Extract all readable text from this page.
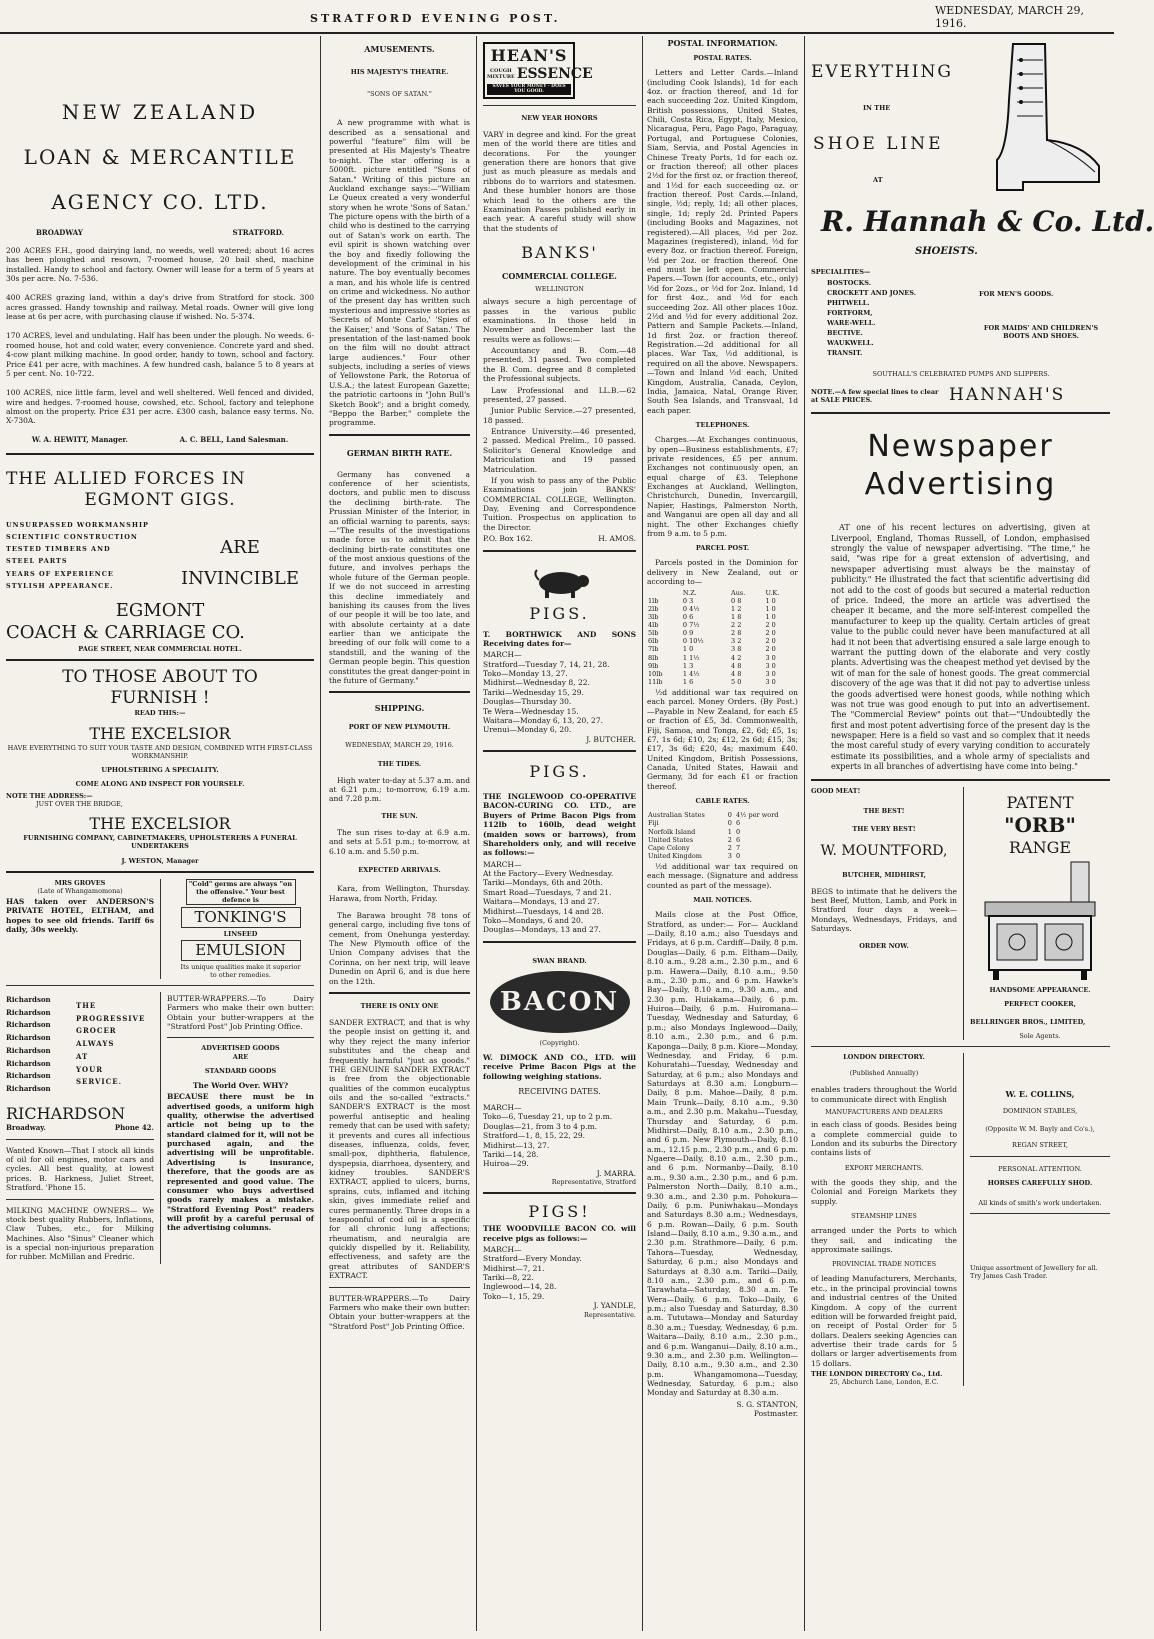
STRATFORD EVENING POST.
WEDNESDAY, MARCH 29, 1916.
NEW ZEALAND
LOAN & MERCANTILE
AGENCY CO. LTD.
BROADWAY	STRATFORD.

200 ACRES F.H., good dairying land, no weeds, well watered; about 16 acres has been ploughed and resown, 7-roomed house, 20 bail shed, machine installed. Handy to school and factory. Owner will lease for a term of 5 years at 30s per acre. No. 7-536.

400 ACRES grazing land, within a day's drive from Stratford for stock. 300 acres grassed. Handy township and railway. Metal roads. Owner will give long lease at 6s per acre, with purchasing clause if wished. No. 5-374.

170 ACRES, level and undulating. Half has been under the plough. No weeds. 6-roomed house, hot and cold water, every convenience. Concrete yard and shed. 4-cow plant milking machine. In good order, handy to town, school and factory. Price £41 per acre, with machines. A few hundred cash, balance 5 to 8 years at 5 per cent. No. 10-722.

100 ACRES, nice little farm, level and well sheltered. Well fenced and divided, wire and hedges. 7-roomed house, cowshed, etc. School, factory and telephone almost on the property. Price £31 per acre. £300 cash, balance easy terms. No. X-730A.

W. A. HEWITT, Manager.	A. C. BELL, Land Salesman.
THE ALLIED FORCES IN
EGMONT GIGS.
UNSURPASSED WORKMANSHIP
SCIENTIFIC CONSTRUCTION
TESTED TIMBERS AND
STEEL PARTS
YEARS OF EXPERIENCE
STYLISH APPEARANCE.
ARE
INVINCIBLE
EGMONT
COACH & CARRIAGE CO.
PAGE STREET, NEAR COMMERCIAL HOTEL.
TO THOSE ABOUT TO
FURNISH !
READ THIS:—
THE EXCELSIOR
HAVE EVERYTHING TO SUIT YOUR TASTE AND DESIGN, COMBINED WITH FIRST-CLASS WORKMANSHIP.
UPHOLSTERING A SPECIALITY.
COME ALONG AND INSPECT FOR YOURSELF.
NOTE THE ADDRESS:—
JUST OVER THE BRIDGE,
THE EXCELSIOR
FURNISHING COMPANY, CABINETMAKERS, UPHOLSTERERS A FUNERAL UNDERTAKERS
J. WESTON, Manager
MRS GROVES
(Late of Whangamomona)

HAS taken over ANDERSON'S PRIVATE HOTEL, ELTHAM, and hopes to see old friends. Tariff 6s daily, 30s weekly.

"Cold" germs are always "on the offensive." Your best defence is
TONKING'S
LINSEED
EMULSION
Its unique qualities make it superior to other remedies.
Richardson
Richardson
Richardson
Richardson
Richardson
Richardson
Richardson
Richardson
THE
PROGRESSIVE
GROCER
ALWAYS
AT
YOUR
SERVICE.
RICHARDSON
Broadway.	Phone 42.

Wanted Known—That I stock all kinds of oil for oil engines, motor cars and cycles. All best quality, at lowest prices. B. Harkness, Juliet Street, Stratford. 'Phone 15.

MILKING MACHINE OWNERS— We stock best quality Rubbers, Inflations, Claw Tubes, etc., for Milking Machines. Also "Sinus" Cleaner which is a special non-injurious preparation for rubber. McMillan and Fredric.

BUTTER-WRAPPERS.—To Dairy Farmers who make their own butter: Obtain your butter-wrappers at the "Stratford Post" Job Printing Office.

ADVERTISED GOODS
ARE
STANDARD GOODS
The World Over. WHY?

BECAUSE there must be in advertised goods, a uniform high quality, otherwise the advertised article not being up to the standard claimed for it, will not be purchased again, and the advertising will be unprofitable. Advertising is insurance, therefore, that the goods are as represented and good value. The consumer who buys advertised goods rarely makes a mistake. "Stratford Evening Post" readers will profit by a careful perusal of the advertising columns.

AMUSEMENTS.
HIS MAJESTY'S THEATRE.
"SONS OF SATAN."

A new programme with what is described as a sensational and powerful "feature" film will be presented at His Majesty's Theatre to-night. The star offering is a 5000ft. picture entitled "Sons of Satan." Writing of this picture an Auckland exchange says:—"William Le Queux created a very wonderful story when he wrote 'Sons of Satan.' The picture opens with the birth of a child who is destined to the carrying out of Satan's work on earth. The evil spirit is shown watching over the boy and fixedly following the development of the criminal in his nature. The boy eventually becomes a man, and his whole life is centred on crime and wickedness. No author of the present day has written such mysterious and impressive stories as 'Secrets of Monte Carlo,' 'Spies of the Kaiser,' and 'Sons of Satan.' The presentation of the last-named book on the film will no doubt attract large audiences." Four other subjects, including a series of views of Yellowstone Park, the Rotorua of U.S.A.; the latest European Gazette; the patriotic cartoons in "John Bull's Sketch Book"; and a bright comedy, "Beppo the Barber," complete the programme.

GERMAN BIRTH RATE.

Germany has convened a conference of her scientists, doctors, and public men to discuss the declining birth-rate. The Prussian Minister of the Interior, in an official warning to parents, says:—"The results of the investigations made force us to admit that the declining birth-rate constitutes one of the most anxious questions of the future, and involves perhaps the whole future of the German people. If we do not succeed in arresting this decline immediately and banishing its causes from the lives of our people it will be too late, and with absolute certainty at a date earlier than we anticipate the breeding of our folk will come to a standstill, and the waning of the German people begin. This question constitutes the great danger-point in the future of Germany."

SHIPPING.
PORT OF NEW PLYMOUTH.
WEDNESDAY, MARCH 29, 1916.
THE TIDES.

High water to-day at 5.37 a.m. and at 6.21 p.m.; to-morrow, 6.19 a.m. and 7.28 p.m.

THE SUN.

The sun rises to-day at 6.9 a.m. and sets at 5.51 p.m.; to-morrow, at 6.10 a.m. and 5.50 p.m.

EXPECTED ARRIVALS.

Kara, from Wellington, Thursday. Harawa, from North, Friday.

The Barawa brought 78 tons of general cargo, including five tons of cement, from Onehunga yesterday. The New Plymouth office of the Union Company advises that the Corinna, on her next trip, will leave Dunedin on April 6, and is due here on the 12th.

THERE IS ONLY ONE

SANDER EXTRACT, and that is why the people insist on getting it, and why they reject the many inferior substitutes and the cheap and frequently harmful "just as goods." THE GENUINE SANDER EXTRACT is free from the objectionable qualities of the common eucalyptus oils and the so-called "extracts." SANDER'S EXTRACT is the most powerful antiseptic and healing remedy that can be used with safety; it prevents and cures all infectious diseases, influenza, colds, fever, small-pox, diphtheria, flatulence, dyspepsia, diarrhoea, dysentery, and kidney troubles. SANDER'S EXTRACT, applied to ulcers, burns, sprains, cuts, inflamed and itching skin, gives immediate relief and cures permanently. Three drops in a teaspoonful of cod oil is a specific for all chronic lung affections; rheumatism, and neuralgia are quickly dispelled by it. Reliability, effectiveness, and safety are the great attributes of SANDER'S EXTRACT.

BUTTER-WRAPPERS.—To Dairy Farmers who make their own butter: Obtain your butter-wrappers at the "Stratford Post" Job Printing Office.

HEAN'S
COUGH
MIXTURE ESSENCE
SAVES YOUR MONEY · DOES YOU GOOD.
NEW YEAR HONORS

VARY in degree and kind. For the great men of the world there are titles and decorations. For the younger generation there are honors that give just as much pleasure as medals and ribbons do to warriors and statesmen. And these humbler honors are those which lead to the others are the Examination Passes published early in each year. A careful study will show that the students of

BANKS'
COMMERCIAL COLLEGE.
WELLINGTON

always secure a high percentage of passes in the various public examinations. In those held in November and December last the results were as follows:—

Accountancy and B. Com.—48 presented, 31 passed. Two completed the B. Com. degree and 8 completed the Professional subjects.

Law Professional and LL.B.—62 presented, 27 passed.

Junior Public Service.—27 presented, 18 passed.

Entrance University.—46 presented, 2 passed. Medical Prelim., 10 passed. Solicitor's General Knowledge and Matriculation and 19 passed Matriculation.

If you wish to pass any of the Public Examinations join BANKS' COMMERCIAL COLLEGE, Wellington. Day, Evening and Correspondence Tuition. Prospectus on application to the Director.

P.O. Box 162.	H. AMOS.
PIGS.

T. BORTHWICK AND SONS Receiving dates for—

MARCH—
Stratford—Tuesday 7, 14, 21, 28.
Toko—Monday 13, 27.
Midhirst—Wednesday 8, 22.
Tariki—Wednesday 15, 29.
Douglas—Thursday 30.
Te Wera—Wednesday 15.
Waitara—Monday 6, 13, 20, 27.
Urenui—Monday 6, 20.
J. BUTCHER.
PIGS.

THE INGLEWOOD CO-OPERATIVE BACON-CURING CO. LTD., are Buyers of Prime Bacon Pigs from 112lb to 160lb, dead weight (maiden sows or barrows), from Shareholders only, and will receive as follows:—

MARCH—
At the Factory—Every Wednesday.
Tariki—Mondays, 6th and 20th.
Smart Road—Tuesdays, 7 and 21.
Waitara—Mondays, 13 and 27.
Midhirst—Tuesdays, 14 and 28.
Toko—Mondays, 6 and 20.
Douglas—Mondays, 13 and 27.
SWAN BRAND.
BACON
(Copyright).

W. DIMOCK AND CO., LTD. will receive Prime Bacon Pigs at the following weighing stations.

RECEIVING DATES.
MARCH—
Toko—6, Tuesday 21, up to 2 p.m.
Douglas—21, from 3 to 4 p.m.
Stratford—1, 8, 15, 22, 29.
Midhirst—13, 27.
Tariki—14, 28.
Huiroa—29.
J. MARRA.
Representative, Stratford
PIGS!

THE WOODVILLE BACON CO. will receive pigs as follows:—

MARCH—
Stratford—Every Monday.
Midhirst—7, 21.
Tariki—8, 22.
Inglewood—14, 28.
Toko—1, 15, 29.
J. YANDLE,
Representative.
POSTAL INFORMATION.
POSTAL RATES.

Letters and Letter Cards.—Inland (including Cook Islands), 1d for each 4oz. or fraction thereof, and 1d for each succeeding 2oz. United Kingdom, British possessions, United States, Chili, Costa Rica, Egypt, Italy, Mexico, Nicaragua, Peru, Pago Pago, Paraguay, Portugal, and Portuguese Colonies, Siam, Servia, and Postal Agencies in Chinese Treaty Ports, 1d for each oz. or fraction thereof; all other places 2½d for the first oz. or fraction thereof, and 1½d for each succeeding oz. or fraction thereof. Post Cards.—Inland, single, ½d; reply, 1d; all other places, single, 1d; reply 2d. Printed Papers (including Books and Magazines, not registered).—All places, ½d per 2oz. Magazines (registered), inland, ½d for every 8oz. or fraction thereof. Foreign, ½d per 2oz. or fraction thereof. One end must be left open. Commercial Papers.—Town (for accounts, etc., only) ½d for 2ozs., or ½d for 2oz. Inland, 1d for first 4oz., and ½d for each succeeding 2oz. All other places 10oz. 2½d and ½d for every additional 2oz. Pattern and Sample Packets.—Inland, 1d first 2oz. or fraction thereof. Registration.—2d additional for all places. War Tax, ½d additional, is required on all the above. Newspapers.—Town and Inland ½d each, United Kingdom, Australia, Canada, Ceylon, India, Jamaica, Natal, Orange River, South Sea Islands, and Transvaal, 1d each paper.

TELEPHONES.

Charges.—At Exchanges continuous, by open—Business establishments, £7; private residences, £5 per annum. Exchanges not continuously open, an equal charge of £3. Telephone Exchanges at Auckland, Wellington, Christchurch, Dunedin, Invercargill, Napier, Hastings, Palmerston North, and Wanganui are open all day and all night. The other Exchanges chiefly from 9 a.m. to 5 p.m.

PARCEL POST.

Parcels posted in the Dominion for delivery in New Zealand, out or according to—

	N.Z.	Aus.	U.K.
1lb	0 3	0 8	1 0
2lb	0 4½	1 2	1 0
3lb	0 6	1 8	1 0
4lb	0 7½	2 2	2 0
5lb	0 9	2 8	2 0
6lb	0 10½	3 2	2 0
7lb	1 0	3 8	2 0
8lb	1 1½	4 2	3 0
9lb	1 3	4 8	3 0
10lb	1 4½	4 8	3 0
11lb	1 6	5 0	3 0

½d additional war tax required on each parcel. Money Orders. (By Post.)—Payable in New Zealand, for each £5 or fraction of £5, 3d. Commonwealth, Fiji, Samoa, and Tonga, £2, 6d; £5, 1s; £7, 1s 6d; £10, 2s; £12, 2s 6d; £15, 3s; £17, 3s 6d; £20, 4s; maximum £40. United Kingdom, British Possessions, Canada, United States, Hawaii and Germany, 3d for each £1 or fraction thereof.

CABLE RATES.
Australian States	0	4½ per word	
Fiji	0	6	
Norfolk Island	1	0	
United States	2	6	
Cape Colony	2	7	
United Kingdom	3	0	

½d additional war tax required on each message. (Signature and address counted as part of the message).

MAIL NOTICES.

Mails close at the Post Office, Stratford, as under:— For— Auckland—Daily, 8.10 a.m.; also Tuesdays and Fridays, at 6 p.m. Cardiff—Daily, 8 p.m. Douglas—Daily, 6 p.m. Eltham—Daily, 8.10 a.m., 9.28 a.m., 2.30 p.m., and 6 p.m. Hawera—Daily, 8.10 a.m., 9.50 a.m., 2.30 p.m., and 6 p.m. Hawke's Bay—Daily, 8.10 a.m., 9.30 a.m., and 2.30 p.m. Huiakama—Daily, 6 p.m. Huiroa—Daily, 6 p.m. Huiromana—Tuesday, Wednesday and Saturday, 6 p.m.; also Mondays Inglewood—Daily, 8.10 a.m., 2.30 p.m., and 6 p.m. Kaponga—Daily, 8 p.m. Kiore—Monday, Wednesday, and Friday, 6 p.m. Kohuratahi—Tuesday, Wednesday and Saturday, at 6 p.m.; also Mondays and Saturdays at 8.30 a.m. Longburn—Daily, 8 p.m. Mahoe—Daily, 8 p.m. Main Trunk—Daily, 8.10 a.m., 9.30 a.m., and 2.30 p.m. Makahu—Tuesday, Thursday and Saturday, 6 p.m. Midhirst—Daily, 8.10 a.m., 2.30 p.m., and 6 p.m. New Plymouth—Daily, 8.10 a.m., 12.15 p.m., 2.30 p.m., and 6 p.m. Ngaere—Daily, 8.10 a.m., 2.30 p.m., and 6 p.m. Normanby—Daily, 8.10 a.m., 9.30 a.m., 2.30 p.m., and 6 p.m. Palmerston North—Daily, 8.10 a.m., 9.30 a.m., and 2.30 p.m. Pohokura—Daily, 6 p.m. Puniwhakau—Mondays and Saturdays 8.30 a.m.; Wednesdays, 6 p.m. Rowan—Daily, 6 p.m. South Island—Daily, 8.10 a.m., 9.30 a.m., and 2.30 p.m. Strathmore—Daily, 6 p.m. Tahora—Tuesday, Wednesday, Saturday, 6 p.m.; also Mondays and Saturdays at 8.30 a.m. Tariki—Daily, 8.10 a.m., 2.30 p.m., and 6 p.m. Tarawhata—Saturday, 8.30 a.m. Te Wera—Daily, 6 p.m. Toko—Daily, 6 p.m.; also Tuesday and Saturday, 8.30 a.m. Tututawa—Monday and Saturday 8.30 a.m.; Tuesday, Wednesday, 6 p.m. Waitara—Daily, 8.10 a.m., 2.30 p.m., and 6 p.m. Wanganui—Daily, 8.10 a.m., 9.30 a.m., and 2.30 p.m. Wellington—Daily, 8.10 a.m., 9.30 a.m., and 2.30 p.m. Whangamomona—Tuesday, Wednesday, Saturday, 6 p.m.; also Monday and Saturday at 8.30 a.m.

S. G. STANTON,
Postmaster.
EVERYTHING
IN THE
SHOE LINE
AT
R. Hannah & Co. Ltd.
SHOEISTS.
SPECIALITIES—
BOSTOCKS.
CROCKETT AND JONES.
PHITWELL.
FORTFORM,
WARE-WELL.
BECTIVE.
WAUKWELL.
TRANSIT.
FOR MEN'S GOODS.
FOR MAIDS' AND CHILDREN'S BOOTS AND SHOES.
SOUTHALL'S CELEBRATED PUMPS AND SLIPPERS.
NOTE.—A few special lines to clear at SALE PRICES.	HANNAH'S
Newspaper
Advertising

AT one of his recent lectures on advertising, given at Liverpool, England, Thomas Russell, of London, emphasised strongly the value of newspaper advertising. "The time," he said, "was ripe for a great extension of advertising, and newspaper advertising must always be the mainstay of publicity." He illustrated the fact that scientific advertising did not add to the cost of goods but secured a material reduction of price. Indeed, the more an article was advertised the cheaper it became, and the more self-interest compelled the manufacturer to keep up the quality. Certain articles of great value to the public could never have been manufactured at all had it not been that advertising ensured a sale large enough to warrant the putting down of the elaborate and very costly plants. Advertising was the cheapest method yet devised by the wit of man for the sale of honest goods. The great commercial discovery of the age was that it did not pay to advertise unless the goods advertised were honest goods, while nothing which was not true was good enough to put into an advertisement. The "Commercial Review" points out that—"Undoubtedly the first and most potent advertising force of the present day is the newspaper. Here is a field so vast and so complex that it needs the most careful study of every varying condition to accurately estimate its possibilities, and a whole army of specialists and experts in all branches of advertising have come into being."

GOOD MEAT!
THE BEST!
THE VERY BEST!
W. MOUNTFORD,
BUTCHER, MIDHIRST,

BEGS to intimate that he delivers the best Beef, Mutton, Lamb, and Pork in Stratford four days a week—Mondays, Wednesdays, Fridays, and Saturdays.

ORDER NOW.
PATENT
"ORB"
RANGE
HANDSOME APPEARANCE.
PERFECT COOKER,
BELLRINGER BROS., LIMITED,
Sole Agents.
LONDON DIRECTORY.
(Published Annually)

enables traders throughout the World to communicate direct with English

MANUFACTURERS AND DEALERS

in each class of goods. Besides being a complete commercial guide to London and its suburbs the Directory contains lists of

EXPORT MERCHANTS.

with the goods they ship, and the Colonial and Foreign Markets they supply.

STEAMSHIP LINES

arranged under the Ports to which they sail, and indicating the approximate sailings.

PROVINCIAL TRADE NOTICES

of leading Manufacturers, Merchants, etc., in the principal provincial towns and industrial centres of the United Kingdom. A copy of the current edition will be forwarded freight paid, on receipt of Postal Order for 5 dollars. Dealers seeking Agencies can advertise their trade cards for 5 dollars or larger advertisements from 15 dollars.

THE LONDON DIRECTORY Co., Ltd.
25, Abchurch Lane, London, E.C.
W. E. COLLINS,
DOMINION STABLES,
(Opposite W. M. Bayly and Co's.),
REGAN STREET,
PERSONAL ATTENTION.
HORSES CAREFULLY SHOD.
All kinds of smith's work undertaken.
Unique assortment of Jewellery for all. Try James Cash Trader.
